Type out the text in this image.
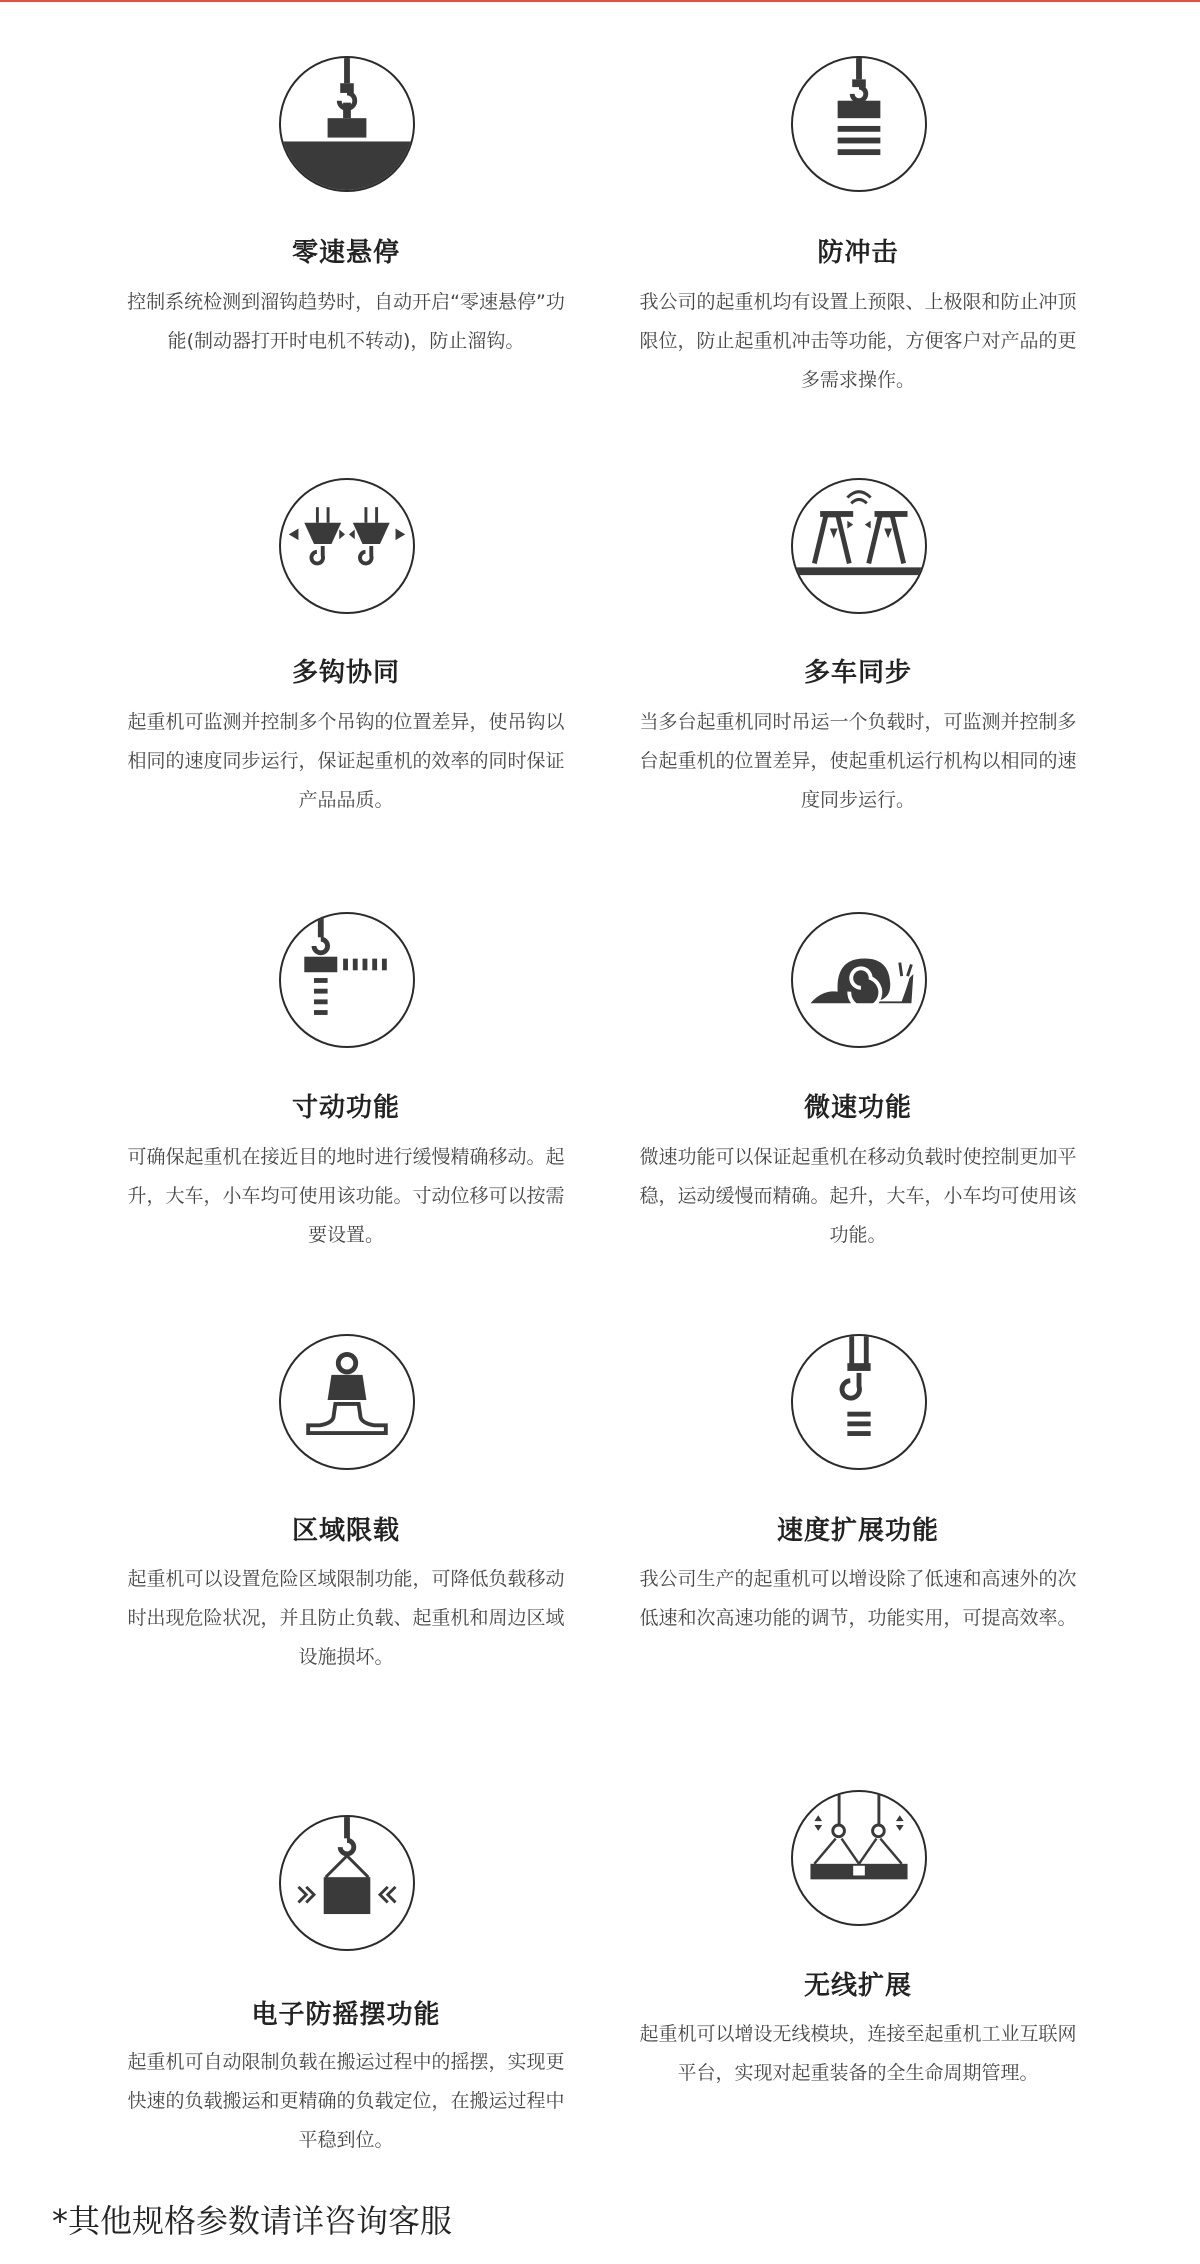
零速悬停
控制系统检测到溜钩趋势时，自动开启“零速悬停”功能(制动器打开时电机不转动)，防止溜钩。
防冲击
我公司的起重机均有设置上预限、上极限和防止冲顶限位，防止起重机冲击等功能，方便客户对产品的更多需求操作。
多钩协同
起重机可监测并控制多个吊钩的位置差异，使吊钩以相同的速度同步运行，保证起重机的效率的同时保证产品品质。
多车同步
当多台起重机同时吊运一个负载时，可监测并控制多台起重机的位置差异，使起重机运行机构以相同的速度同步运行。
寸动功能
可确保起重机在接近目的地时进行缓慢精确移动。起升，大车，小车均可使用该功能。寸动位移可以按需要设置。
微速功能
微速功能可以保证起重机在移动负载时使控制更加平稳，运动缓慢而精确。起升，大车，小车均可使用该功能。
区域限载
起重机可以设置危险区域限制功能，可降低负载移动时出现危险状况，并且防止负载、起重机和周边区域设施损坏。
速度扩展功能
我公司生产的起重机可以增设除了低速和高速外的次低速和次高速功能的调节，功能实用，可提高效率。
电子防摇摆功能
起重机可自动限制负载在搬运过程中的摇摆，实现更快速的负载搬运和更精确的负载定位，在搬运过程中平稳到位。
无线扩展
起重机可以增设无线模块，连接至起重机工业互联网平台，实现对起重装备的全生命周期管理。
*其他规格参数请详咨询客服
